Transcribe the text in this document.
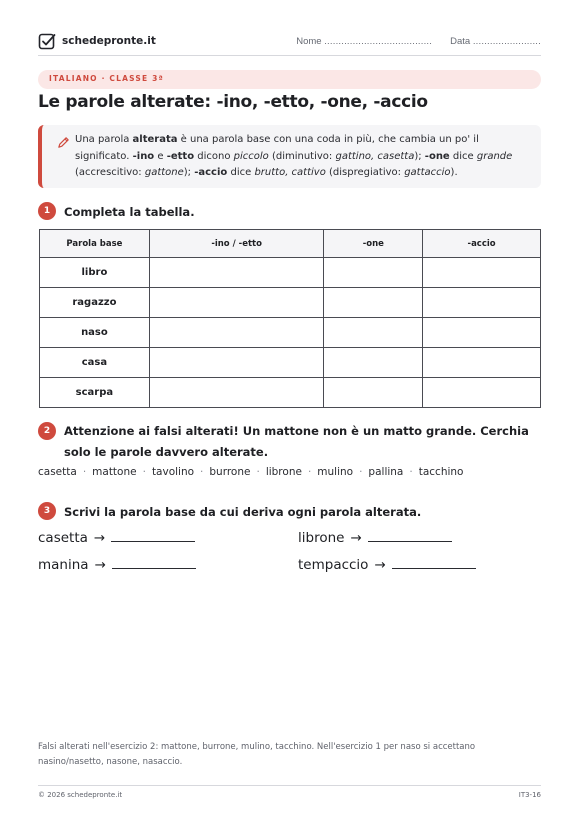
schedepronte.it	Nome
...................................... Data
........................
ITALIANO · CLASSE 3ª
Le parole alterate: -ino, -etto, -one, -accio
Una parola alterata è una parola base con una coda in più, che cambia un po' il significato. -ino e -etto dicono piccolo (diminutivo: gattino, casetta); -one dice grande (accrescitivo: gattone); -accio dice brutto, cattivo (dispregiativo: gattaccio).
1	Completa la tabella.
Parola base	-ino / -etto	-one	-accio
libro			
ragazzo			
naso			
casa			
scarpa			
2	Attenzione ai falsi alterati! Un mattone non è un matto grande. Cerchia solo le parole davvero alterate.
casetta · mattone · tavolino · burrone · librone · mulino · pallina · tacchino
3	Scrivi la parola base da cui deriva ogni parola alterata.
casetta →	librone →
manina →	tempaccio →
Falsi alterati nell'esercizio 2: mattone, burrone, mulino, tacchino. Nell'esercizio 1 per naso si accettano nasino/nasetto, nasone, nasaccio.
© 2026 schedepronte.it	IT3-16
